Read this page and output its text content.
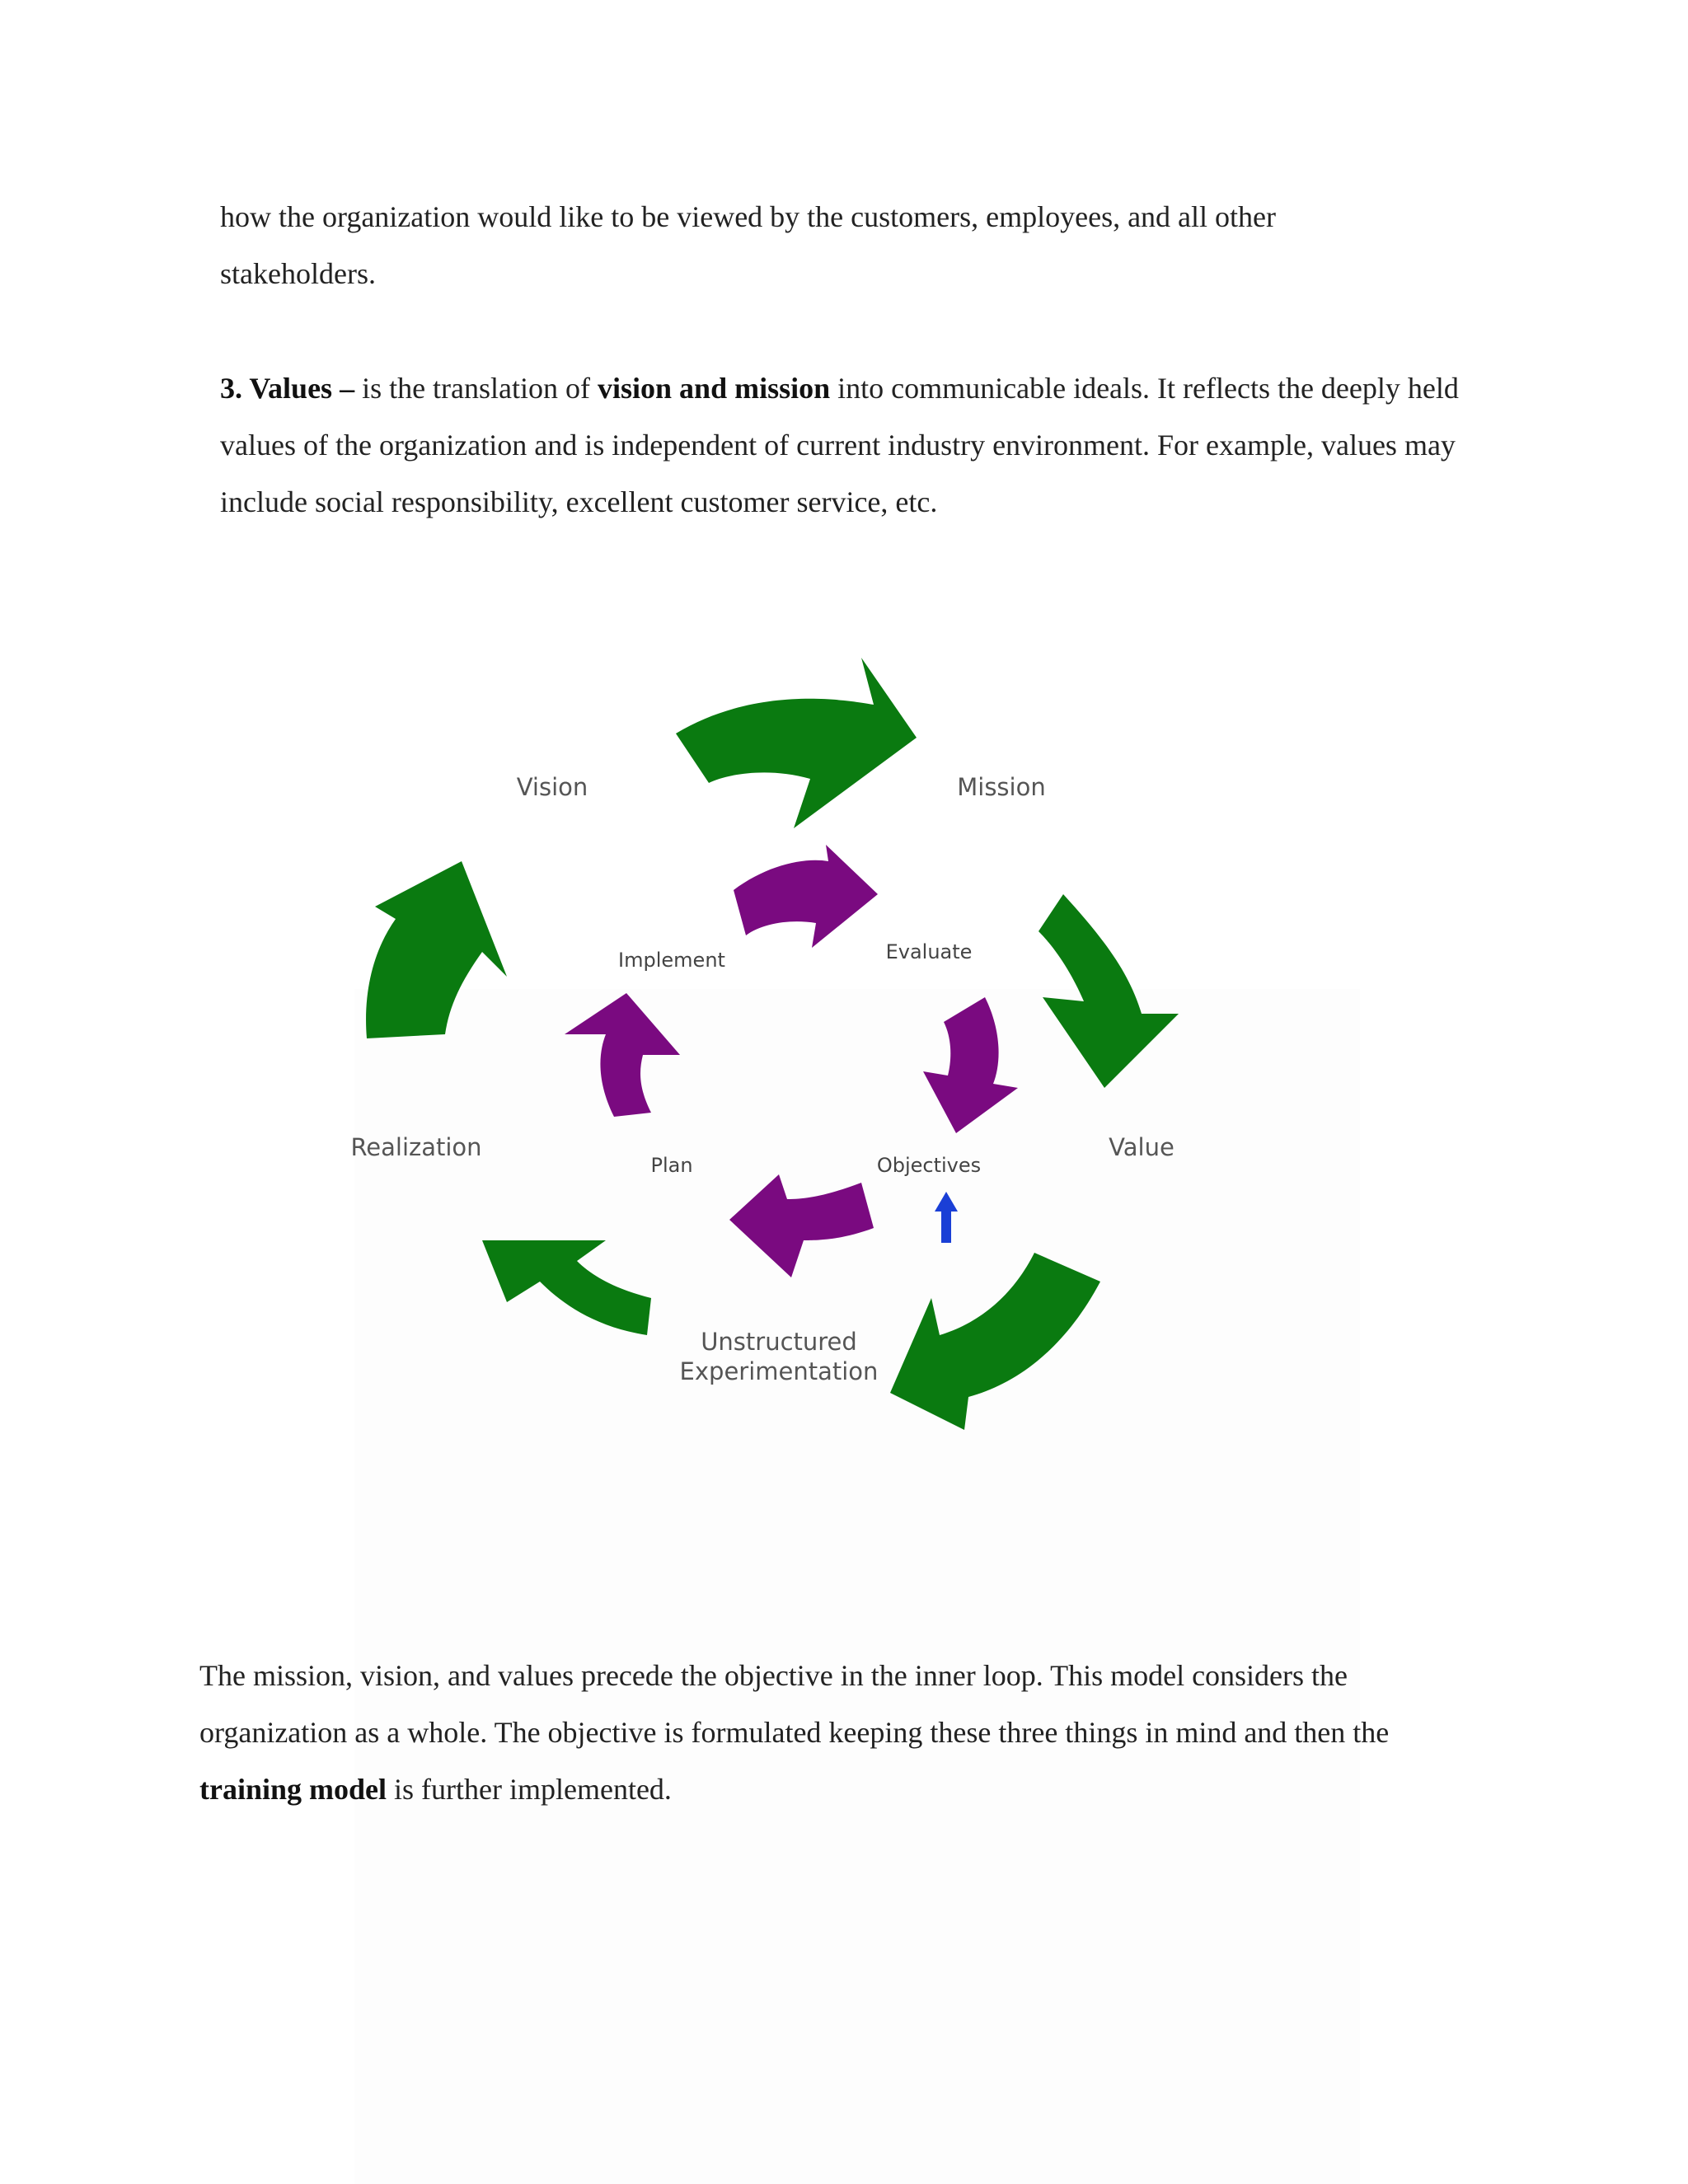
how the organization would like to be viewed by the customers, employees, and all other
stakeholders.

3. Values – is the translation of vision and mission into communicable ideals. It reflects the deeply held values of the organization and is independent of current industry environment. For example, values may include social responsibility, excellent customer service, etc.

Vision	Mission
Value
Realization
Unstructured
Experimentation
Implement	Evaluate
Objectives
Plan

The mission, vision, and values precede the objective in the inner loop. This model considers the organization as a whole. The objective is formulated keeping these three things in mind and then the training model is further implemented.
